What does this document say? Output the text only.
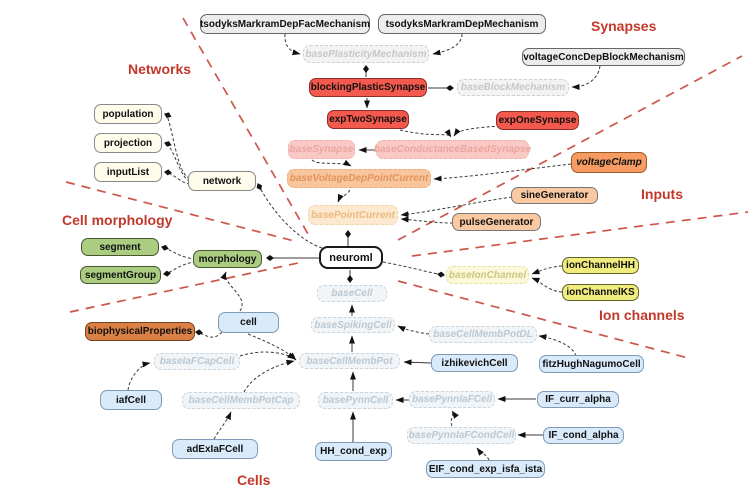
Synapses
Networks
Cell morphology
Inputs
Ion channels
Cells
tsodyksMarkramDepFacMechanism	tsodyksMarkramDepMechanism
voltageConcDepBlockMechanism
basePlasticityMechanism
baseBlockMechanism
blockingPlasticSynapse
expTwoSynapse	expOneSynapse
baseSynapse baseConductanceBasedSynapse
baseVoltageDepPointCurrent
basePointCurrent
voltageClamp
sineGenerator
pulseGenerator
population
projection
inputList
network
segment
segmentGroup
morphology
biophysicalProperties
neuroml
baseIonChannel
ionChannelHH
ionChannelKS
baseCell
baseSpikingCell
baseCellMembPotDL
baseCellMembPot
baseIaFCapCell
baseCellMembPotCap	basePynnCell	basePynnIaFCell
basePynnIaFCondCell
cell
iafCell
izhikevichCell	fitzHughNagumoCell
adExIaFCell	HH_cond_exp
IF_curr_alpha
IF_cond_alpha
EIF_cond_exp_isfa_ista
